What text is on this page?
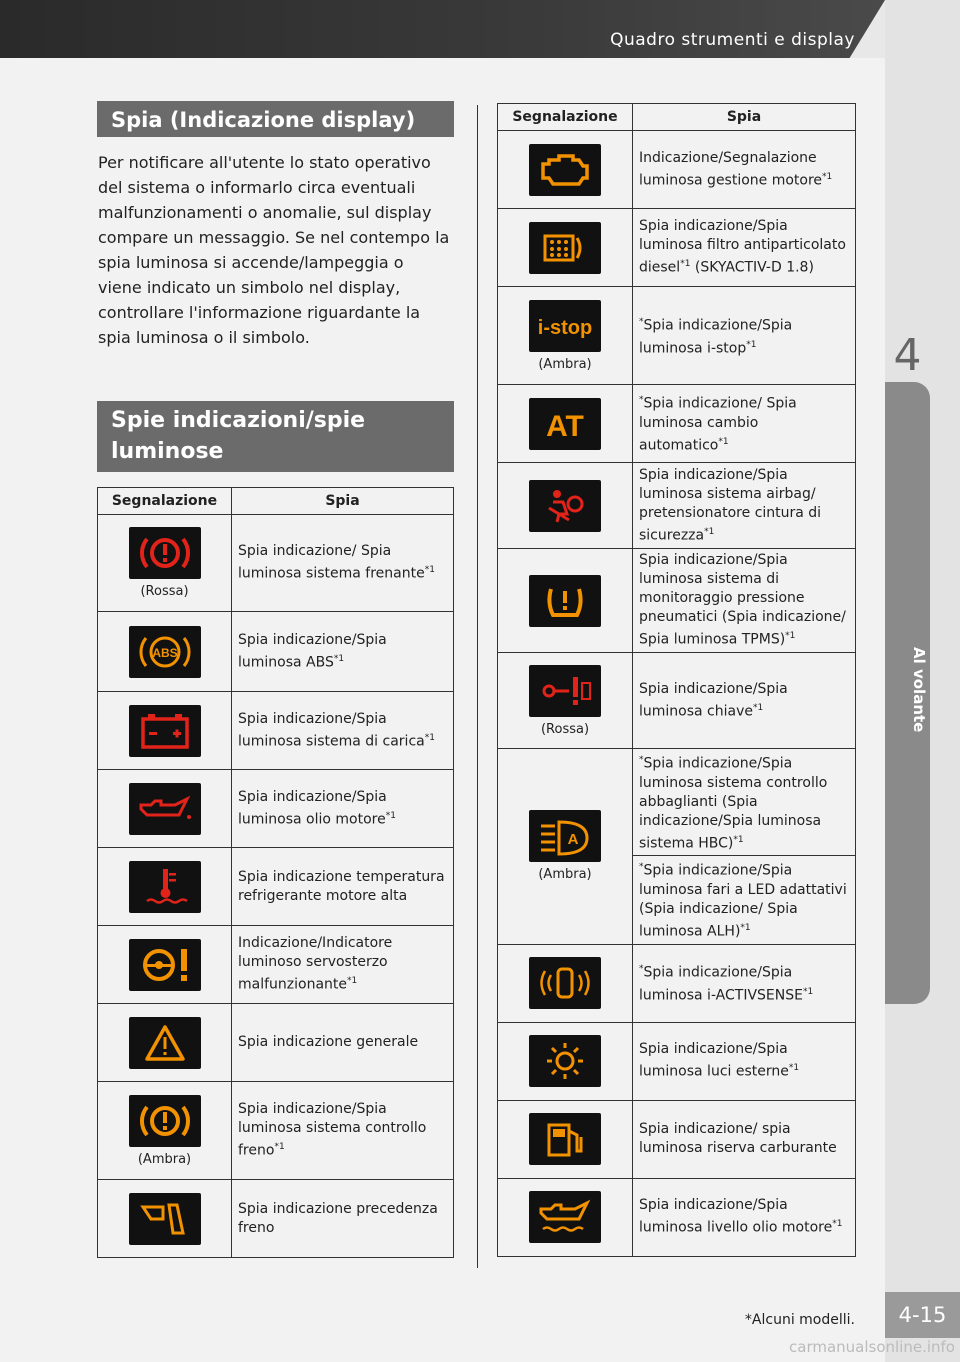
Quadro strumenti e display
4
Al volante
4-15
Spia (Indicazione display)
Per notificare all'utente lo stato operativo del sistema o informarlo circa eventuali malfunzionamenti o anomalie, sul display compare un messaggio. Se nel contempo la spia luminosa si accende/lampeggia o viene indicato un simbolo nel display, controllare l'informazione riguardante la spia luminosa o il simbolo.
Spie indicazioni/spie luminose
Segnalazione	Spia

(Rossa)	Spia indicazione/ Spia luminosa sistema frenante$^{*1}$

ABS	Spia indicazione/Spia luminosa ABS$^{*1}$

	Spia indicazione/Spia luminosa sistema di carica$^{*1}$

	Spia indicazione/Spia luminosa olio motore$^{*1}$

	Spia indicazione temperatura refrigerante motore alta

	Indicazione/Indicatore luminoso servosterzo malfunzionante$^{*1}$

	Spia indicazione generale

(Ambra)	Spia indicazione/Spia luminosa sistema controllo freno$^{*1}$

	Spia indicazione precedenza freno
Segnalazione	Spia

	Indicazione/Segnalazione luminosa gestione motore$^{*1}$

	Spia indicazione/Spia luminosa filtro antiparticolato diesel$^{*1}$ (SKYACTIV-D 1.8)

i-stop
(Ambra)	*Spia indicazione/Spia luminosa i-stop$^{*1}$

AT	*Spia indicazione/ Spia luminosa cambio automatico$^{*1}$

	Spia indicazione/Spia luminosa sistema airbag/ pretensionatore cintura di sicurezza$^{*1}$

	Spia indicazione/Spia luminosa sistema di monitoraggio pressione pneumatici (Spia indicazione/ Spia luminosa TPMS)$^{*1}$

(Rossa)	Spia indicazione/Spia luminosa chiave$^{*1}$

A
(Ambra)	*Spia indicazione/Spia luminosa sistema controllo abbaglianti (Spia indicazione/Spia luminosa sistema HBC)$^{*1}$
	*Spia indicazione/Spia luminosa fari a LED adattativi (Spia indicazione/ Spia luminosa ALH)$^{*1}$

	*Spia indicazione/Spia luminosa i-ACTIVSENSE$^{*1}$

	Spia indicazione/Spia luminosa luci esterne$^{*1}$

	Spia indicazione/ spia luminosa riserva carburante

	Spia indicazione/Spia luminosa livello olio motore$^{*1}$
*Alcuni modelli.
carmanualsonline.info
